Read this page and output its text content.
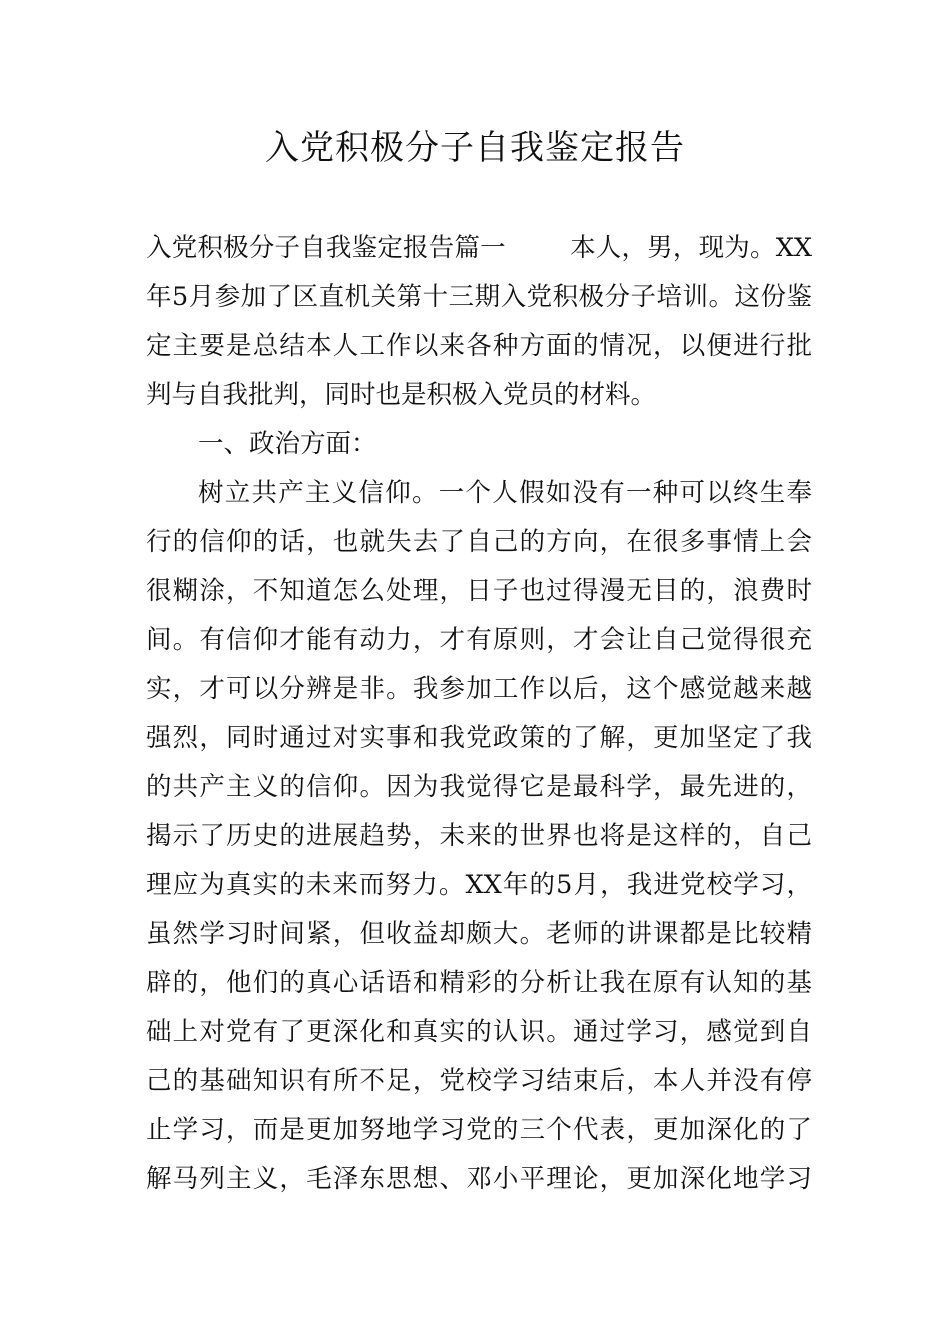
入党积极分子自我鉴定报告
入党积极分子自我鉴定报告篇一	本人，男，现为。XX
年5月参加了区直机关第十三期入党积极分子培训。这份鉴
定主要是总结本人工作以来各种方面的情况，以便进行批
判与自我批判，同时也是积极入党员的材料。
一、政治方面：
树立共产主义信仰。一个人假如没有一种可以终生奉
行的信仰的话，也就失去了自己的方向，在很多事情上会
很糊涂，不知道怎么处理，日子也过得漫无目的，浪费时
间。有信仰才能有动力，才有原则，才会让自己觉得很充
实，才可以分辨是非。我参加工作以后，这个感觉越来越
强烈，同时通过对实事和我党政策的了解，更加坚定了我
的共产主义的信仰。因为我觉得它是最科学，最先进的，
揭示了历史的进展趋势，未来的世界也将是这样的，自己
理应为真实的未来而努力。XX年的5月，我进党校学习，
虽然学习时间紧，但收益却颇大。老师的讲课都是比较精
辟的，他们的真心话语和精彩的分析让我在原有认知的基
础上对党有了更深化和真实的认识。通过学习，感觉到自
己的基础知识有所不足，党校学习结束后，本人并没有停
止学习，而是更加努地学习党的三个代表，更加深化的了
解马列主义，毛泽东思想、邓小平理论，更加深化地学习
